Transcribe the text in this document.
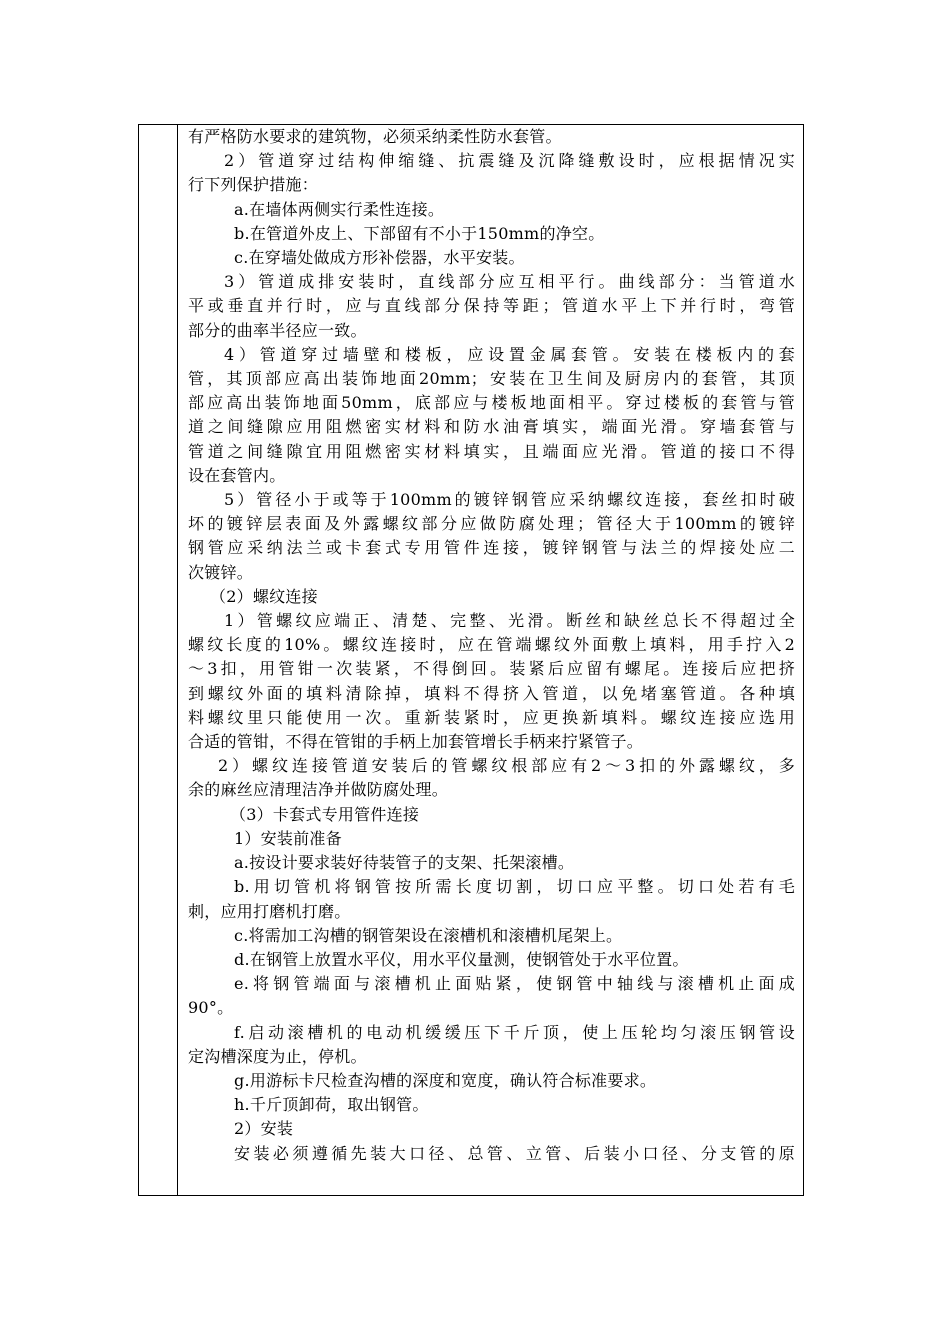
有严格防水要求的建筑物，必须采纳柔性防水套管。
2）管道穿过结构伸缩缝、抗震缝及沉降缝敷设时，应根据情况实
行下列保护措施：
a.在墙体两侧实行柔性连接。
b.在管道外皮上、下部留有不小于150mm的净空。
c.在穿墙处做成方形补偿器，水平安装。
3）管道成排安装时，直线部分应互相平行。曲线部分：当管道水
平或垂直并行时，应与直线部分保持等距；管道水平上下并行时，弯管
部分的曲率半径应一致。
4）管道穿过墙壁和楼板，应设置金属套管。安装在楼板内的套
管，其顶部应高出装饰地面20mm；安装在卫生间及厨房内的套管，其顶
部应高出装饰地面50mm，底部应与楼板地面相平。穿过楼板的套管与管
道之间缝隙应用阻燃密实材料和防水油膏填实，端面光滑。穿墙套管与
管道之间缝隙宜用阻燃密实材料填实，且端面应光滑。管道的接口不得
设在套管内。
5）管径小于或等于100mm的镀锌钢管应采纳螺纹连接，套丝扣时破
坏的镀锌层表面及外露螺纹部分应做防腐处理；管径大于100mm的镀锌
钢管应采纳法兰或卡套式专用管件连接，镀锌钢管与法兰的焊接处应二
次镀锌。
（2）螺纹连接
1）管螺纹应端正、清楚、完整、光滑。断丝和缺丝总长不得超过全
螺纹长度的10%。螺纹连接时，应在管端螺纹外面敷上填料，用手拧入2
～3扣，用管钳一次装紧，不得倒回。装紧后应留有螺尾。连接后应把挤
到螺纹外面的填料清除掉，填料不得挤入管道，以免堵塞管道。各种填
料螺纹里只能使用一次。重新装紧时，应更换新填料。螺纹连接应选用
合适的管钳，不得在管钳的手柄上加套管增长手柄来拧紧管子。
2）螺纹连接管道安装后的管螺纹根部应有2～3扣的外露螺纹，多
余的麻丝应清理洁净并做防腐处理。
（3）卡套式专用管件连接
1）安装前准备
a.按设计要求装好待装管子的支架、托架滚槽。
b.用切管机将钢管按所需长度切割，切口应平整。切口处若有毛
刺，应用打磨机打磨。
c.将需加工沟槽的钢管架设在滚槽机和滚槽机尾架上。
d.在钢管上放置水平仪，用水平仪量测，使钢管处于水平位置。
e.将钢管端面与滚槽机止面贴紧，使钢管中轴线与滚槽机止面成
90°。
f.启动滚槽机的电动机缓缓压下千斤顶，使上压轮均匀滚压钢管设
定沟槽深度为止，停机。
g.用游标卡尺检查沟槽的深度和宽度，确认符合标准要求。
h.千斤顶卸荷，取出钢管。
2）安装
安装必须遵循先装大口径、总管、立管、后装小口径、分支管的原
